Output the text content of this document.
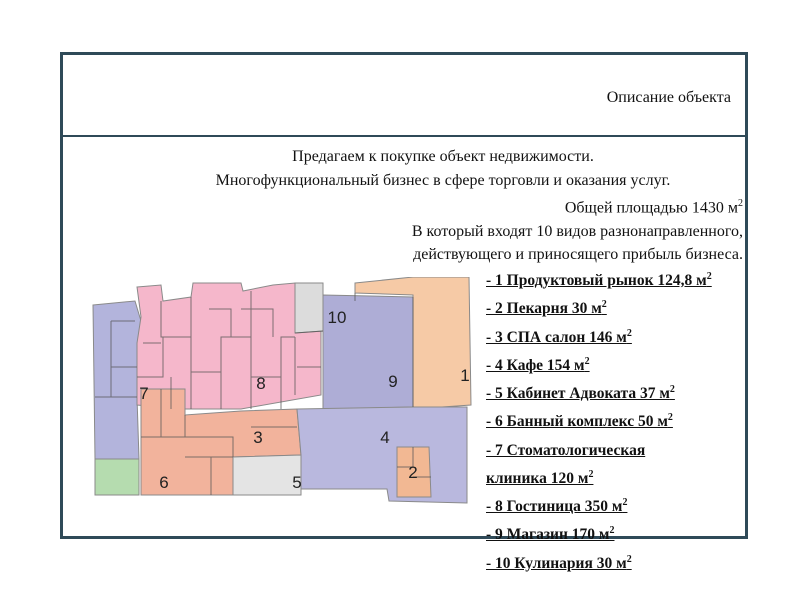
Описание объекта
Предагаем к покупке объект недвижимости.
Многофункциональный бизнес в сфере торговли и оказания услуг.
Общей площадью 1430 $м^2$
В который входят 10 видов разнонаправленного,
действующего и приносящего прибыль бизнеса.
1
2
3	4
5
6
7
8	9
10
- 1 Продуктовый рынок 124,8 $м^2$
- 2 Пекарня 30 $м^2$
- 3 СПА салон 146 $м^2$
- 4 Кафе 154 $м^2$
- 5 Кабинет Адвоката 37 $м^2$
- 6 Банный комплекс 50 $м^2$
- 7 Стоматологическая
клиника 120 $м^2$
- 8 Гостиница 350 $м^2$
- 9 Магазин 170 $м^2$
- 10 Кулинария 30 $м^2$
